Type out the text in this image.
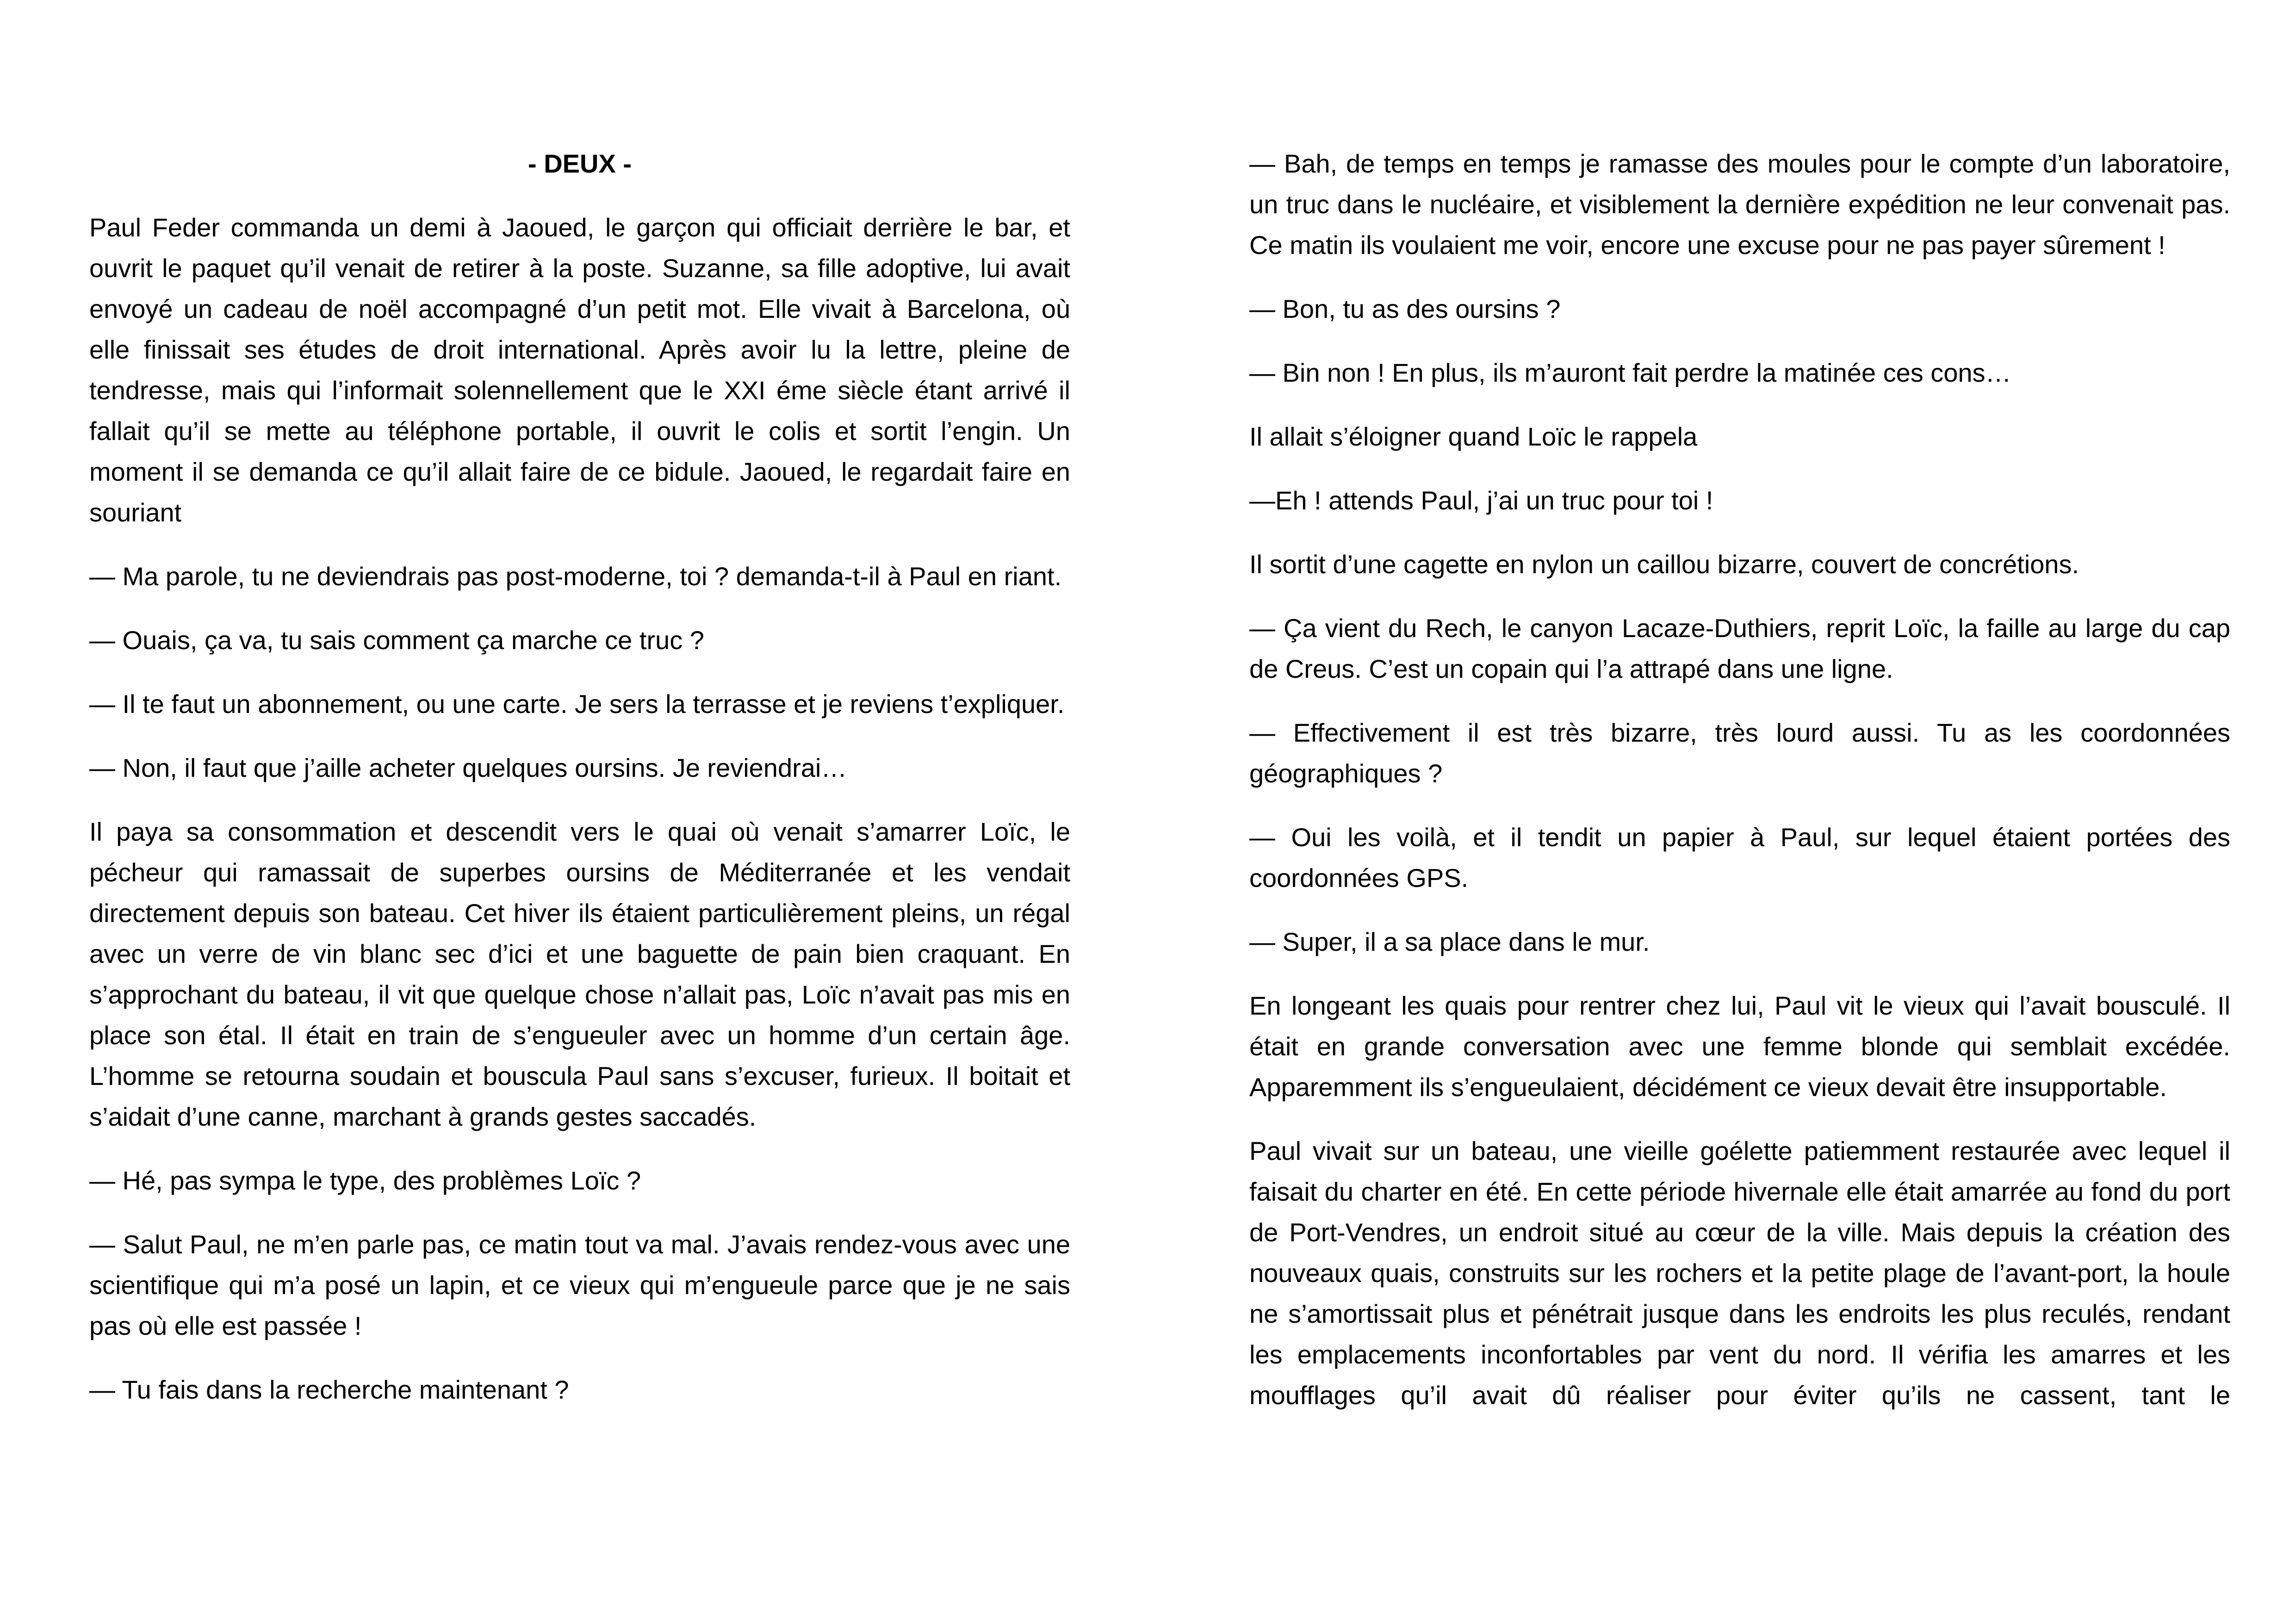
- DEUX -

Paul Feder commanda un demi à Jaoued, le garçon qui officiait derrière le bar, et ouvrit le paquet qu’il venait de retirer à la poste. Suzanne, sa fille adoptive, lui avait envoyé un cadeau de noël accompagné d’un petit mot. Elle vivait à Barcelona, où elle finissait ses études de droit international. Après avoir lu la lettre, pleine de tendresse, mais qui l’informait solennellement que le XXI éme siècle étant arrivé il fallait qu’il se mette au téléphone portable, il ouvrit le colis et sortit l’engin. Un moment il se demanda ce qu’il allait faire de ce bidule. Jaoued, le regardait faire en souriant

— Ma parole, tu ne deviendrais pas post-moderne, toi ? demanda-t-il à Paul en riant.

— Ouais, ça va, tu sais comment ça marche ce truc ?

— Il te faut un abonnement, ou une carte. Je sers la terrasse et je reviens t’expliquer.

— Non, il faut que j’aille acheter quelques oursins. Je reviendrai…

Il paya sa consommation et descendit vers le quai où venait s’amarrer Loïc, le pécheur qui ramassait de superbes oursins de Méditerranée et les vendait directement depuis son bateau. Cet hiver ils étaient particulièrement pleins, un régal avec un verre de vin blanc sec d’ici et une baguette de pain bien craquant. En s’approchant du bateau, il vit que quelque chose n’allait pas, Loïc n’avait pas mis en place son étal. Il était en train de s’engueuler avec un homme d’un certain âge. L’homme se retourna soudain et bouscula Paul sans s’excuser, furieux. Il boitait et s’aidait d’une canne, marchant à grands gestes saccadés.

— Hé, pas sympa le type, des problèmes Loïc ?

— Salut Paul, ne m’en parle pas, ce matin tout va mal. J’avais rendez-vous avec une scientifique qui m’a posé un lapin, et ce vieux qui m’engueule parce que je ne sais pas où elle est passée !

— Tu fais dans la recherche maintenant ?

— Bah, de temps en temps je ramasse des moules pour le compte d’un laboratoire, un truc dans le nucléaire, et visiblement la dernière expédition ne leur convenait pas. Ce matin ils voulaient me voir, encore une excuse pour ne pas payer sûrement !

— Bon, tu as des oursins ?

— Bin non ! En plus, ils m’auront fait perdre la matinée ces cons…

Il allait s’éloigner quand Loïc le rappela

—Eh ! attends Paul, j’ai un truc pour toi !

Il sortit d’une cagette en nylon un caillou bizarre, couvert de concrétions.

— Ça vient du Rech, le canyon Lacaze-Duthiers, reprit Loïc, la faille au large du cap de Creus. C’est un copain qui l’a attrapé dans une ligne.

— Effectivement il est très bizarre, très lourd aussi. Tu as les coordonnées géographiques ?

— Oui les voilà, et il tendit un papier à Paul, sur lequel étaient portées des coordonnées GPS.

— Super, il a sa place dans le mur.

En longeant les quais pour rentrer chez lui, Paul vit le vieux qui l’avait bousculé. Il était en grande conversation avec une femme blonde qui semblait excédée. Apparemment ils s’engueulaient, décidément ce vieux devait être insupportable.

Paul vivait sur un bateau, une vieille goélette patiemment restaurée avec lequel il faisait du charter en été. En cette période hivernale elle était amarrée au fond du port de Port-Vendres, un endroit situé au cœur de la ville. Mais depuis la création des nouveaux quais, construits sur les rochers et la petite plage de l’avant-port, la houle ne s’amortissait plus et pénétrait jusque dans les endroits les plus reculés, rendant les emplacements inconfortables par vent du nord. Il vérifia les amarres et les moufflages qu’il avait dû réaliser pour éviter qu’ils ne cassent, tant le
